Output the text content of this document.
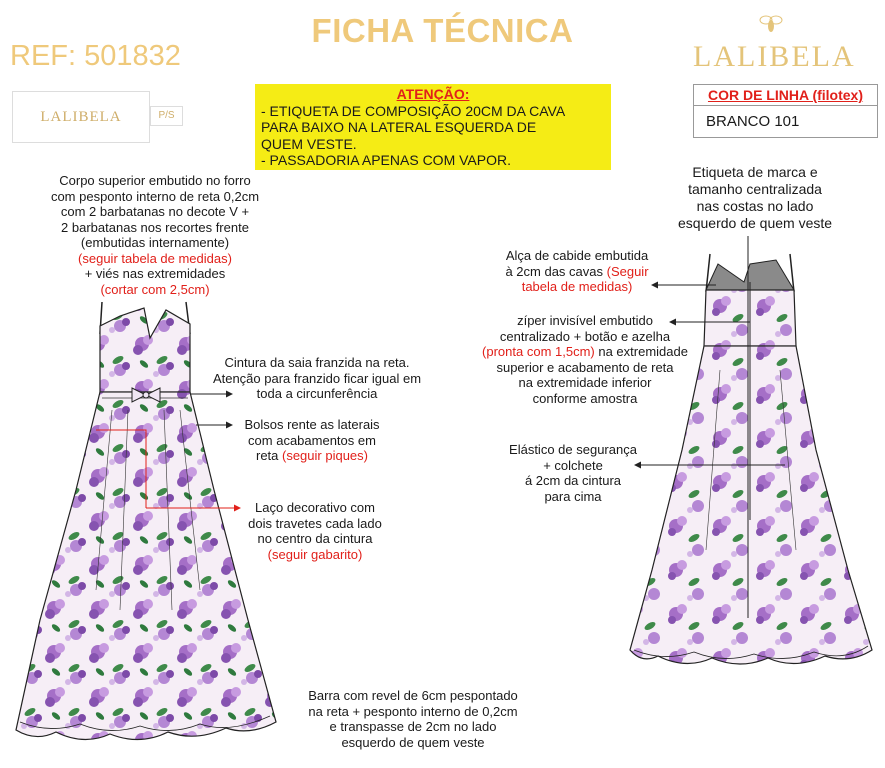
FICHA TÉCNICA
REF: 501832	LALIBELA
LALIBELA	P/S
ATENÇÃO:
- ETIQUETA DE COMPOSIÇÃO 20CM DA CAVA
PARA BAIXO NA LATERAL ESQUERDA DE
QUEM VESTE.
- PASSADORIA APENAS COM VAPOR.
COR DE LINHA (filotex)
BRANCO 101
Corpo superior embutido no forro
com pesponto interno de reta 0,2cm
com 2 barbatanas no decote V +
2 barbatanas nos recortes frente
(embutidas internamente)
(seguir tabela de medidas)
+ viés nas extremidades
(cortar com 2,5cm)
Cintura da saia franzida na reta.
Atenção para franzido ficar igual em
toda a circunferência
Bolsos rente as laterais
com acabamentos em
reta (seguir piques)
Laço decorativo com
dois travetes cada lado
no centro da cintura
(seguir gabarito)
Barra com revel de 6cm pespontado
na reta + pesponto interno de 0,2cm
e transpasse de 2cm no lado
esquerdo de quem veste
Etiqueta de marca e
tamanho centralizada
nas costas no lado
esquerdo de quem veste
Alça de cabide embutida
à 2cm das cavas (Seguir
tabela de medidas)
zíper invisível embutido
centralizado + botão e azelha
(pronta com 1,5cm) na extremidade
superior e acabamento de reta
na extremidade inferior
conforme amostra
Elástico de segurança
+ colchete
á 2cm da cintura
para cima
